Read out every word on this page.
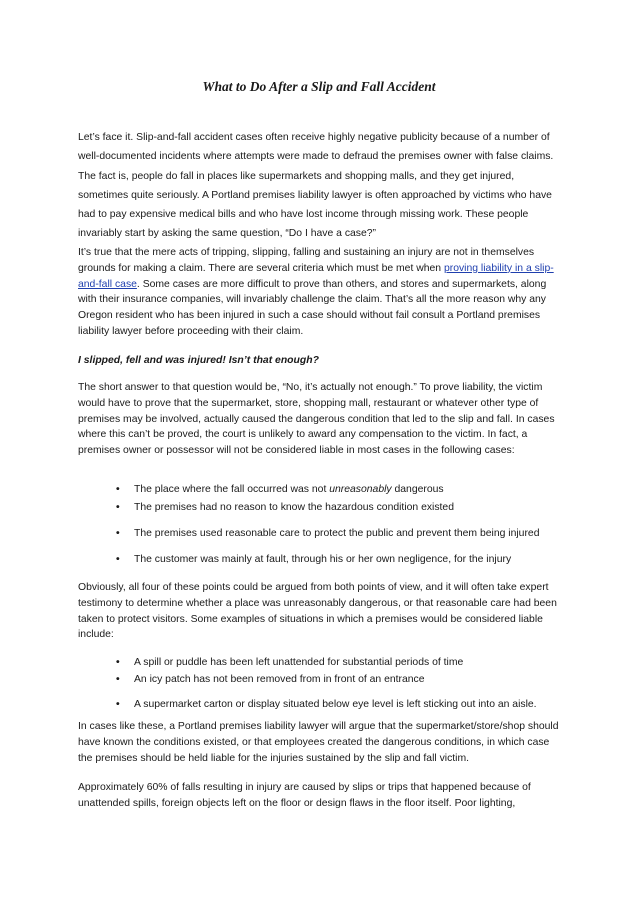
What to Do After a Slip and Fall Accident

Let’s face it. Slip-and-fall accident cases often receive highly negative publicity because of a number of well-documented incidents where attempts were made to defraud the premises owner with false claims. The fact is, people do fall in places like supermarkets and shopping malls, and they get injured, sometimes quite seriously. A Portland premises liability lawyer is often approached by victims who have had to pay expensive medical bills and who have lost income through missing work. These people invariably start by asking the same question, “Do I have a case?”

It’s true that the mere acts of tripping, slipping, falling and sustaining an injury are not in themselves grounds for making a claim. There are several criteria which must be met when proving liability in a slip-and-fall case. Some cases are more difficult to prove than others, and stores and supermarkets, along with their insurance companies, will invariably challenge the claim. That’s all the more reason why any Oregon resident who has been injured in such a case should without fail consult a Portland premises liability lawyer before proceeding with their claim.

I slipped, fell and was injured! Isn’t that enough?

The short answer to that question would be, “No, it’s actually not enough.” To prove liability, the victim would have to prove that the supermarket, store, shopping mall, restaurant or whatever other type of premises may be involved, actually caused the dangerous condition that led to the slip and fall. In cases where this can’t be proved, the court is unlikely to award any compensation to the victim. In fact, a premises owner or possessor will not be considered liable in most cases in the following cases:

• The place where the fall occurred was not unreasonably dangerous
• The premises had no reason to know the hazardous condition existed
• The premises used reasonable care to protect the public and prevent them being injured
• The customer was mainly at fault, through his or her own negligence, for the injury

Obviously, all four of these points could be argued from both points of view, and it will often take expert testimony to determine whether a place was unreasonably dangerous, or that reasonable care had been taken to protect visitors. Some examples of situations in which a premises would be considered liable include:

• A spill or puddle has been left unattended for substantial periods of time
• An icy patch has not been removed from in front of an entrance
• A supermarket carton or display situated below eye level is left sticking out into an aisle.

In cases like these, a Portland premises liability lawyer will argue that the supermarket/store/shop should have known the conditions existed, or that employees created the dangerous conditions, in which case the premises should be held liable for the injuries sustained by the slip and fall victim.

Approximately 60% of falls resulting in injury are caused by slips or trips that happened because of unattended spills, foreign objects left on the floor or design flaws in the floor itself. Poor lighting,
